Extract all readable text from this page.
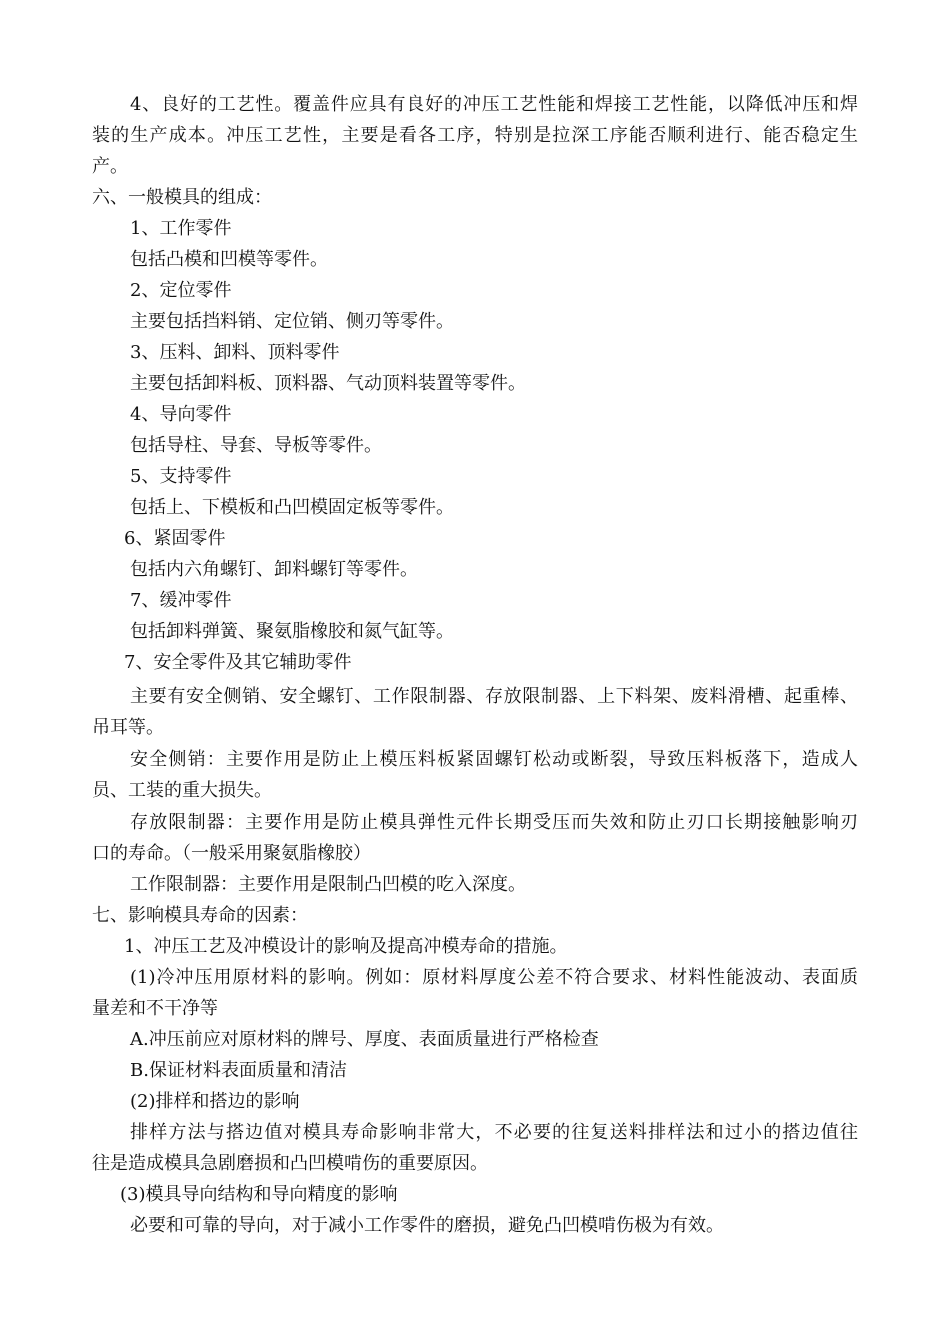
4、良好的工艺性。覆盖件应具有良好的冲压工艺性能和焊接工艺性能，以降低冲压和焊
装的生产成本。冲压工艺性，主要是看各工序，特别是拉深工序能否顺利进行、能否稳定生
产。
六、一般模具的组成：
1、工作零件
包括凸模和凹模等零件。
2、定位零件
主要包括挡料销、定位销、侧刃等零件。
3、压料、卸料、顶料零件
主要包括卸料板、顶料器、气动顶料装置等零件。
4、导向零件
包括导柱、导套、导板等零件。
5、支持零件
包括上、下模板和凸凹模固定板等零件。
6、紧固零件
包括内六角螺钉、卸料螺钉等零件。
7、缓冲零件
包括卸料弹簧、聚氨脂橡胶和氮气缸等。
7、安全零件及其它辅助零件
主要有安全侧销、安全螺钉、工作限制器、存放限制器、上下料架、废料滑槽、起重棒、
吊耳等。
安全侧销：主要作用是防止上模压料板紧固螺钉松动或断裂，导致压料板落下，造成人
员、工装的重大损失。
存放限制器：主要作用是防止模具弹性元件长期受压而失效和防止刃口长期接触影响刃
口的寿命。（一般采用聚氨脂橡胶）
工作限制器：主要作用是限制凸凹模的吃入深度。
七、影响模具寿命的因素：
1、冲压工艺及冲模设计的影响及提高冲模寿命的措施。
(1)冷冲压用原材料的影响。例如：原材料厚度公差不符合要求、材料性能波动、表面质
量差和不干净等
A.冲压前应对原材料的牌号、厚度、表面质量进行严格检查
B.保证材料表面质量和清洁
(2)排样和搭边的影响
排样方法与搭边值对模具寿命影响非常大，不必要的往复送料排样法和过小的搭边值往
往是造成模具急剧磨损和凸凹模啃伤的重要原因。
(3)模具导向结构和导向精度的影响
必要和可靠的导向，对于减小工作零件的磨损，避免凸凹模啃伤极为有效。
